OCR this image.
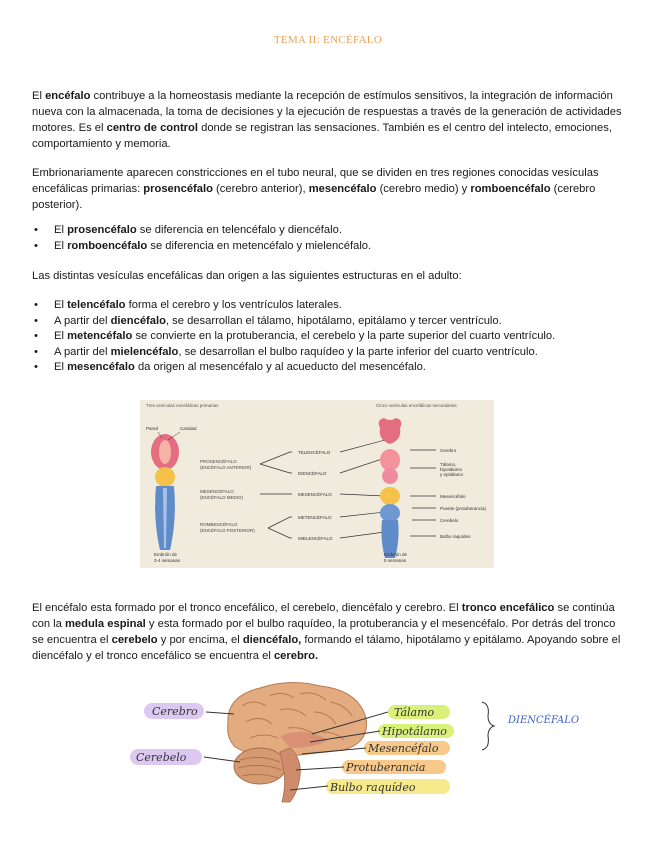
TEMA II: ENCÉFALO

El encéfalo contribuye a la homeostasis mediante la recepción de estímulos sensitivos, la integración de información nueva con la almacenada, la toma de decisiones y la ejecución de respuestas a través de la generación de actividades motores. Es el centro de control donde se registran las sensaciones. También es el centro del intelecto, emociones, comportamiento y memoria.

Embrionariamente aparecen constricciones en el tubo neural, que se dividen en tres regiones conocidas vesículas encefálicas primarias: prosencéfalo (cerebro anterior), mesencéfalo (cerebro medio) y romboencéfalo (cerebro posterior).

• El prosencéfalo se diferencia en telencéfalo y diencéfalo.
• El romboencéfalo se diferencia en metencéfalo y mielencéfalo.

Las distintas vesículas encefálicas dan origen a las siguientes estructuras en el adulto:

• El telencéfalo forma el cerebro y los ventrículos laterales.
• A partir del diencéfalo, se desarrollan el tálamo, hipotálamo, epitálamo y tercer ventrículo.
• El metencéfalo se convierte en la protuberancia, el cerebelo y la parte superior del cuarto ventrículo.
• A partir del mielencéfalo, se desarrollan el bulbo raquídeo y la parte inferior del cuarto ventrículo.
• El mesencéfalo da origen al mesencéfalo y al acueducto del mesencéfalo.
Tres vesículas encefálicas primarias	Cinco vesículas encefálicas secundarias
Pared	Cavidad
PROSENCÉFALO
(ENCÉFALO ANTERIOR)
MESENCÉFALO
(ENCÉFALO MEDIO)
ROMBENCÉFALO
(ENCÉFALO POSTERIOR)
TELENCÉFALO
DIENCÉFALO
MESENCÉFALO
METENCÉFALO
MIELENCÉFALO
Cerebro
Tálamo,
hipotálamo
y epitálamo
Mesencéfalo
Puente (protuberancia)
Cerebelo
Bulbo raquídeo
Embrión de
3-4 semanas
Embrión de
5 semanas

El encéfalo esta formado por el tronco encefálico, el cerebelo, diencéfalo y cerebro. El tronco encefálico se continúa con la medula espinal y esta formado por el bulbo raquídeo, la protuberancia y el mesencéfalo. Por detrás del tronco se encuentra el cerebelo y por encima, el diencéfalo, formando el tálamo, hipotálamo y epitálamo. Apoyando sobre el diencéfalo y el tronco encefálico se encuentra el cerebro.

Cerebro
Cerebelo
Tálamo
Hipotálamo
Mesencéfalo
Protuberancia
Bulbo raquídeo
DIENCÉFALO
